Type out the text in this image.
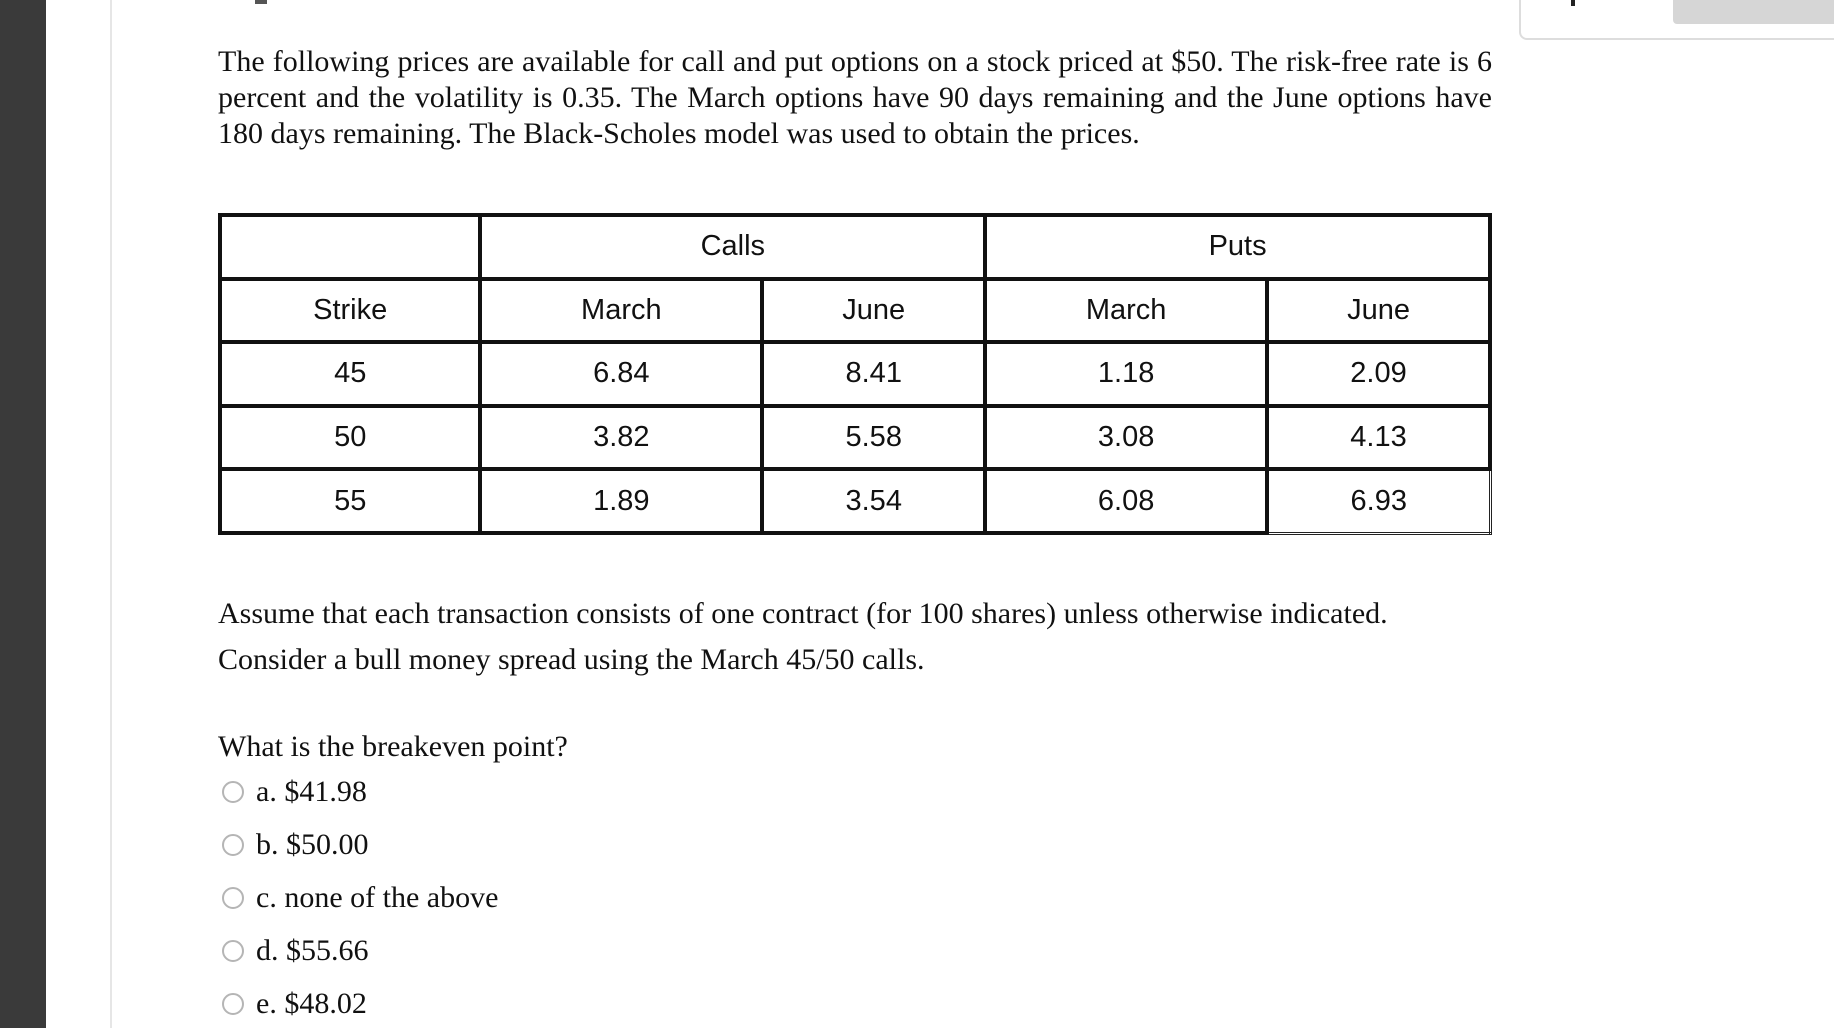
The following prices are available for call and put options on a stock priced at $50. The risk-free rate is 6 percent and the volatility is 0.35. The March options have 90 days remaining and the June options have 180 days remaining. The Black-Scholes model was used to obtain the prices.

	Calls		Puts	
Strike	March	June	March	June
45	6.84	8.41	1.18	2.09
50	3.82	5.58	3.08	4.13
55	1.89	3.54	6.08	6.93

Assume that each transaction consists of one contract (for 100 shares) unless otherwise indicated.

Consider a bull money spread using the March 45/50 calls.

What is the breakeven point?

a. $41.98
b. $50.00
c. none of the above
d. $55.66
e. $48.02
